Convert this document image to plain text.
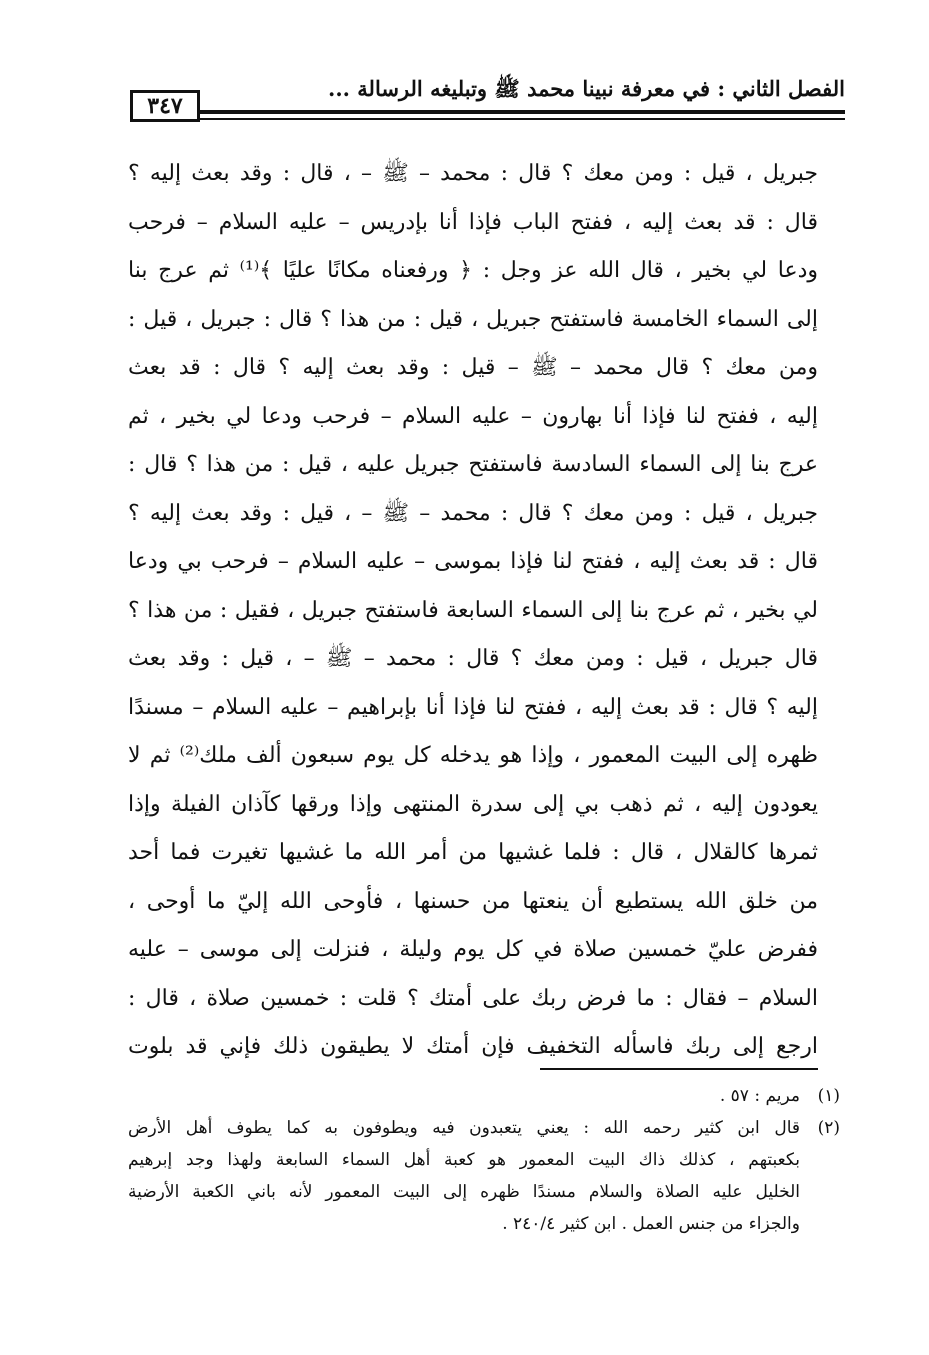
الفصل الثاني : في معرفة نبينا محمد ﷺ وتبليغه الرسالة ...
٣٤٧
جبريل ، قيل : ومن معك ؟ قال : محمد – ﷺ – ، قال : وقد بعث إليه ؟
قال : قد بعث إليه ، ففتح الباب فإذا أنا بإدريس – عليه السلام – فرحب
ودعا لي بخير ، قال الله عز وجل : ﴿ ورفعناه مكانًا عليًا ﴾⁽¹⁾ ثم عرج بنا
إلى السماء الخامسة فاستفتح جبريل ، قيل : من هذا ؟ قال : جبريل ، قيل :
ومن معك ؟ قال محمد – ﷺ – قيل : وقد بعث إليه ؟ قال : قد بعث
إليه ، ففتح لنا فإذا أنا بهارون – عليه السلام – فرحب ودعا لي بخير ، ثم
عرج بنا إلى السماء السادسة فاستفتح جبريل عليه ، قيل : من هذا ؟ قال :
جبريل ، قيل : ومن معك ؟ قال : محمد – ﷺ – ، قيل : وقد بعث إليه ؟
قال : قد بعث إليه ، ففتح لنا فإذا بموسى – عليه السلام – فرحب بي ودعا
لي بخير ، ثم عرج بنا إلى السماء السابعة فاستفتح جبريل ، فقيل : من هذا ؟
قال جبريل ، قيل : ومن معك ؟ قال : محمد – ﷺ – ، قيل : وقد بعث
إليه ؟ قال : قد بعث إليه ، ففتح لنا فإذا أنا بإبراهيم – عليه السلام – مسندًا
ظهره إلى البيت المعمور ، وإذا هو يدخله كل يوم سبعون ألف ملك⁽²⁾ ثم لا
يعودون إليه ، ثم ذهب بي إلى سدرة المنتهى وإذا ورقها كآذان الفيلة وإذا
ثمرها كالقلال ، قال : فلما غشيها من أمر الله ما غشيها تغيرت فما أحد
من خلق الله يستطيع أن ينعتها من حسنها ، فأوحى الله إليّ ما أوحى ،
ففرض عليّ خمسين صلاة في كل يوم وليلة ، فنزلت إلى موسى – عليه
السلام – فقال : ما فرض ربك على أمتك ؟ قلت : خمسين صلاة ، قال :
ارجع إلى ربك فاسأله التخفيف فإن أمتك لا يطيقون ذلك فإني قد بلوت
(١)
مريم : ٥٧ .
(٢)
قال ابن كثير رحمه الله : يعني يتعبدون فيه ويطوفون به كما يطوف أهل الأرض
بكعبتهم ، كذلك ذاك البيت المعمور هو كعبة أهل السماء السابعة ولهذا وجد إبرهيم
الخليل عليه الصلاة والسلام مسندًا ظهره إلى البيت المعمور لأنه باني الكعبة الأرضية
والجزاء من جنس العمل . ابن كثير ٢٤٠/٤ .
